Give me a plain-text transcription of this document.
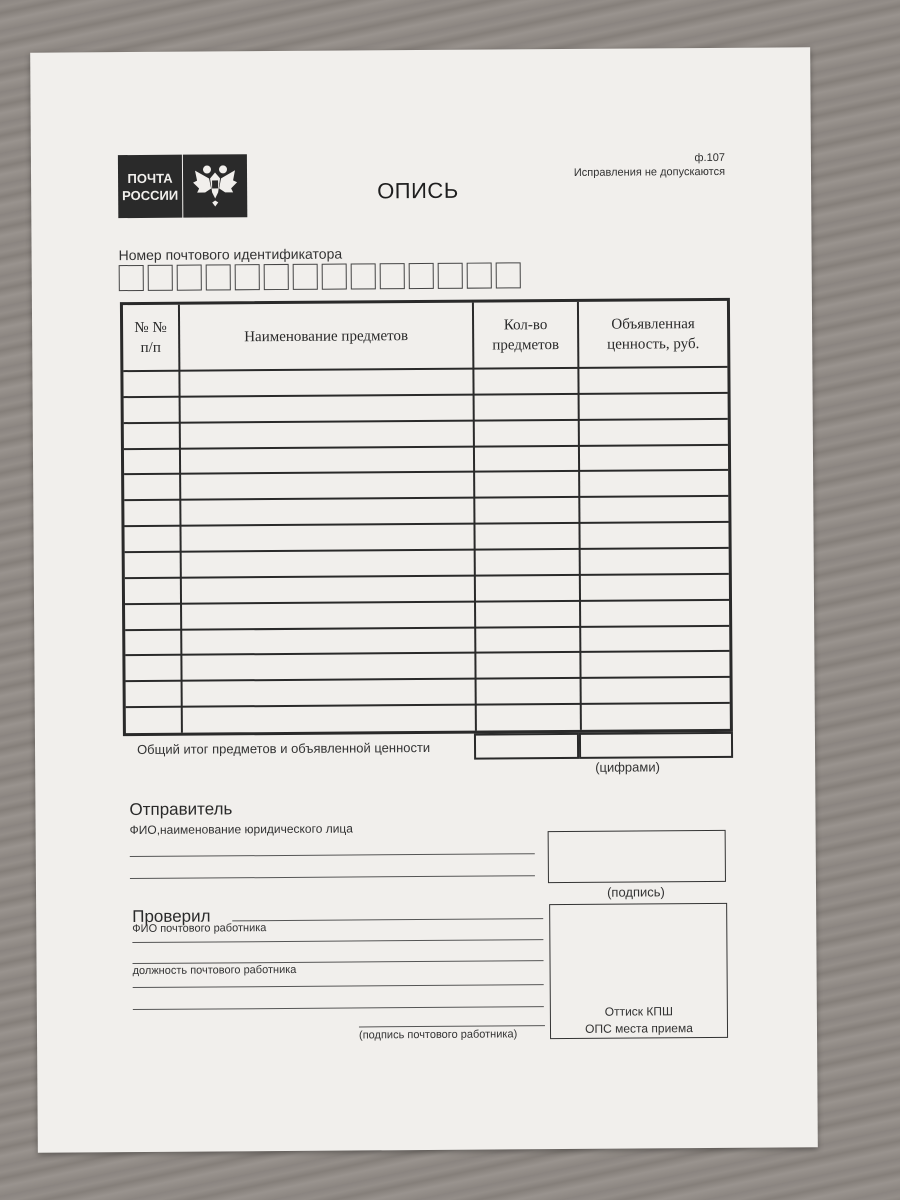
ПОЧТА
РОССИИ
ф.107
Исправления не допускаются
ОПИСЬ
Номер почтового идентификатора
№ №
п/п
Наименование предметов
Кол-во
предметов
Объявленная
ценность, руб.
Общий итог предметов и объявленной ценности
(цифрами)
Отправитель
ФИО,наименование юридического лица
(подпись)
Проверил
ФИО почтового работника
должность почтового работника
(подпись почтового работника)
Оттиск КПШ
ОПС места приема
